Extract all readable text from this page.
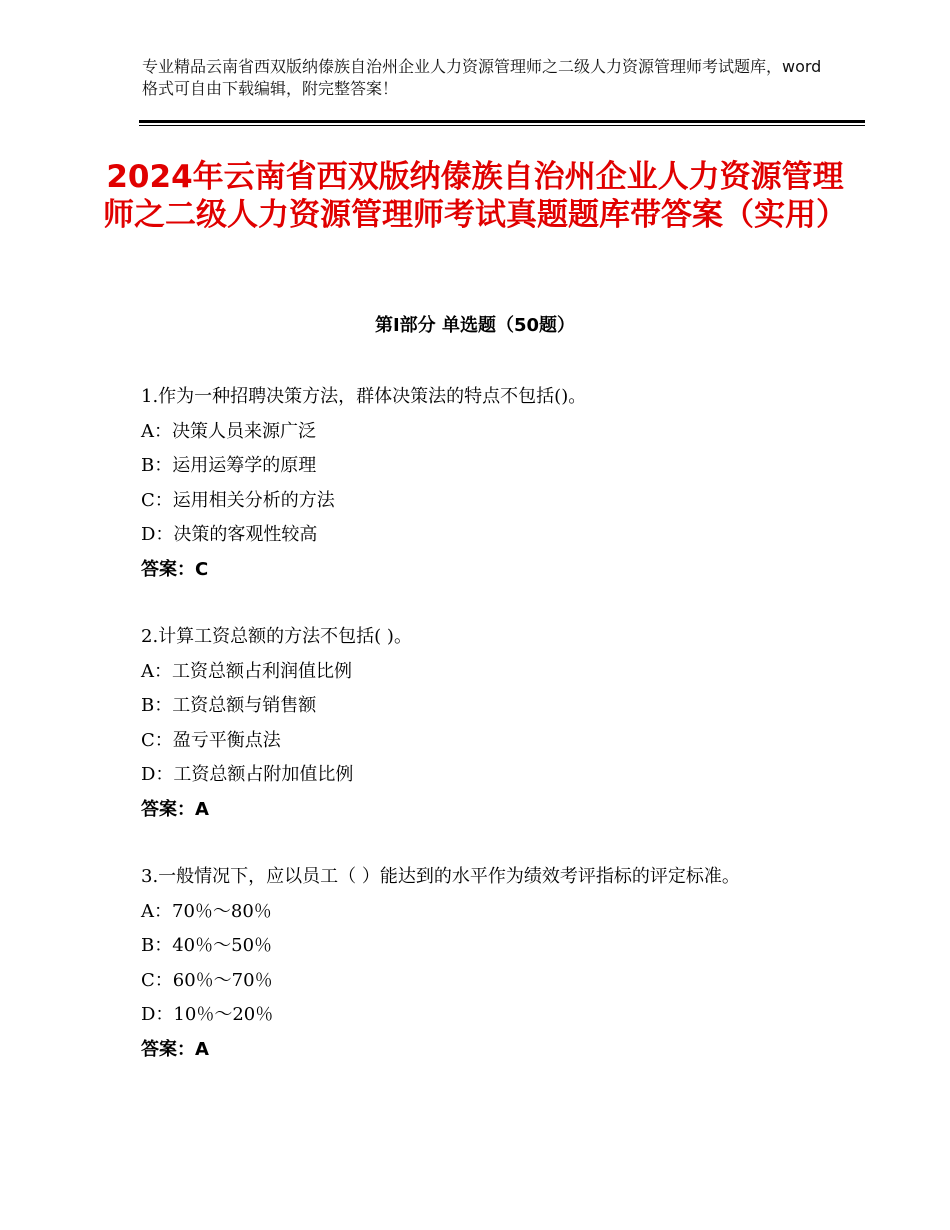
专业精品云南省西双版纳傣族自治州企业人力资源管理师之二级人力资源管理师考试题库，word格式可自由下载编辑，附完整答案！
2024年云南省西双版纳傣族自治州企业人力资源管理师之二级人力资源管理师考试真题题库带答案（实用）
第Ⅰ部分 单选题（50题）

1.作为一种招聘决策方法，群体决策法的特点不包括()。

A：决策人员来源广泛

B：运用运筹学的原理

C：运用相关分析的方法

D：决策的客观性较高

答案：C

2.计算工资总额的方法不包括( )。

A：工资总额占利润值比例

B：工资总额与销售额

C：盈亏平衡点法

D：工资总额占附加值比例

答案：A

3.一般情况下，应以员工（ ）能达到的水平作为绩效考评指标的评定标准。

A：70％～80％

B：40％～50％

C：60％～70％

D：10％～20％

答案：A
